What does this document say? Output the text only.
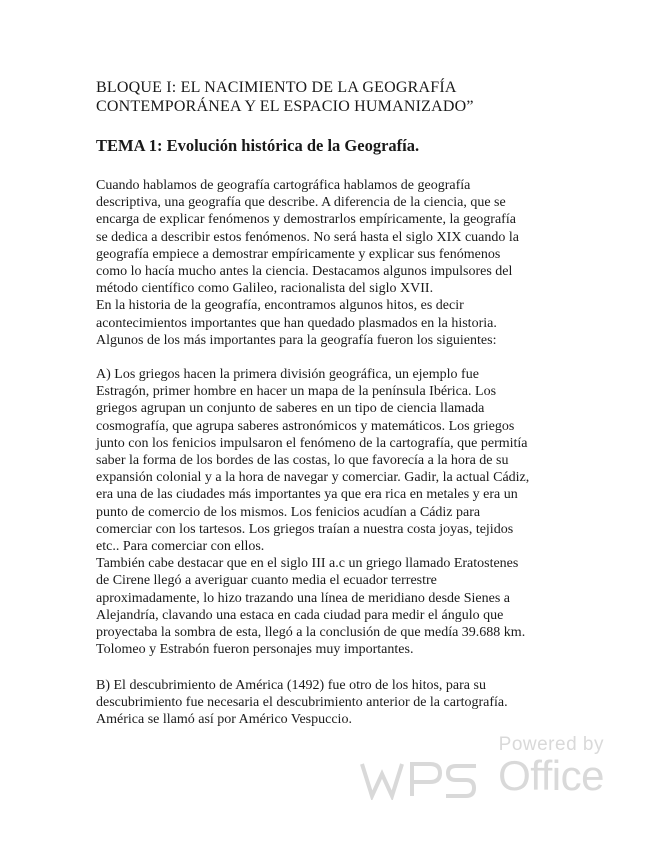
BLOQUE I: EL NACIMIENTO DE LA GEOGRAFÍA
CONTEMPORÁNEA Y EL ESPACIO HUMANIZADO”
TEMA 1: Evolución histórica de la Geografía.
Cuando hablamos de geografía cartográfica hablamos de geografía
descriptiva, una geografía que describe. A diferencia de la ciencia, que se
encarga de explicar fenómenos y demostrarlos empíricamente, la geografía
se dedica a describir estos fenómenos. No será hasta el siglo XIX cuando la
geografía empiece a demostrar empíricamente y explicar sus fenómenos
como lo hacía mucho antes la ciencia. Destacamos algunos impulsores del
método científico como Galileo, racionalista del siglo XVII.
En la historia de la geografía, encontramos algunos hitos, es decir
acontecimientos importantes que han quedado plasmados en la historia.
Algunos de los más importantes para la geografía fueron los siguientes:
A) Los griegos hacen la primera división geográfica, un ejemplo fue
Estragón, primer hombre en hacer un mapa de la península Ibérica. Los
griegos agrupan un conjunto de saberes en un tipo de ciencia llamada
cosmografía, que agrupa saberes astronómicos y matemáticos. Los griegos
junto con los fenicios impulsaron el fenómeno de la cartografía, que permitía
saber la forma de los bordes de las costas, lo que favorecía a la hora de su
expansión colonial y a la hora de navegar y comerciar. Gadir, la actual Cádiz,
era una de las ciudades más importantes ya que era rica en metales y era un
punto de comercio de los mismos. Los fenicios acudían a Cádiz para
comerciar con los tartesos. Los griegos traían a nuestra costa joyas, tejidos
etc.. Para comerciar con ellos.
También cabe destacar que en el siglo III a.c un griego llamado Eratostenes
de Cirene llegó a averiguar cuanto media el ecuador terrestre
aproximadamente, lo hizo trazando una línea de meridiano desde Sienes a
Alejandría, clavando una estaca en cada ciudad para medir el ángulo que
proyectaba la sombra de esta, llegó a la conclusión de que medía 39.688 km.
Tolomeo y Estrabón fueron personajes muy importantes.
B) El descubrimiento de América (1492) fue otro de los hitos, para su
descubrimiento fue necesaria el descubrimiento anterior de la cartografía.
América se llamó así por Américo Vespuccio.
Powered by
Office
